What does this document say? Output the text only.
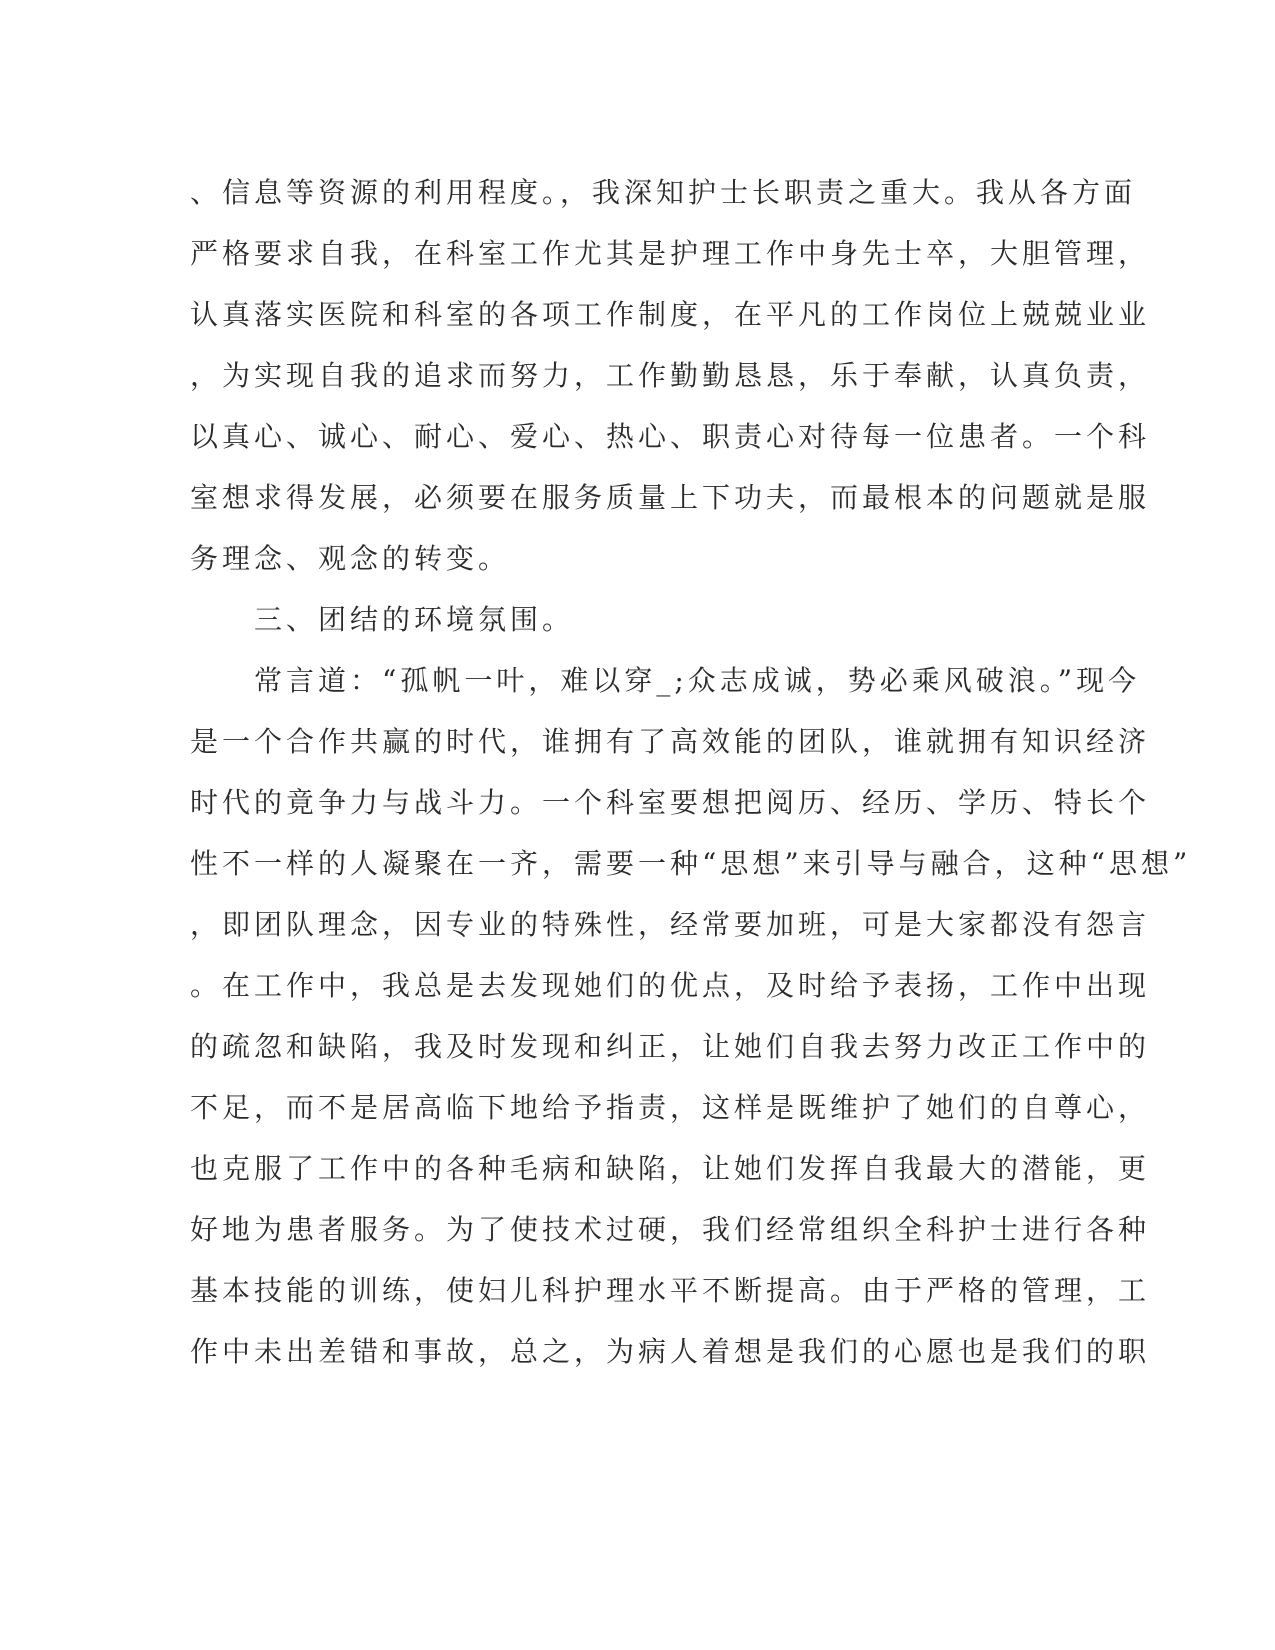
、信息等资源的利用程度。，我深知护士长职责之重大。我从各方面
严格要求自我，在科室工作尤其是护理工作中身先士卒，大胆管理，
认真落实医院和科室的各项工作制度，在平凡的工作岗位上兢兢业业
，为实现自我的追求而努力，工作勤勤恳恳，乐于奉献，认真负责，
以真心、诚心、耐心、爱心、热心、职责心对待每一位患者。一个科
室想求得发展，必须要在服务质量上下功夫，而最根本的问题就是服
务理念、观念的转变。
　　三、团结的环境氛围。
　　常言道：“孤帆一叶，难以穿_;众志成诚，势必乘风破浪。”现今
是一个合作共赢的时代，谁拥有了高效能的团队，谁就拥有知识经济
时代的竟争力与战斗力。一个科室要想把阅历、经历、学历、特长个
性不一样的人凝聚在一齐，需要一种“思想”来引导与融合，这种“思想”
，即团队理念，因专业的特殊性，经常要加班，可是大家都没有怨言
。在工作中，我总是去发现她们的优点，及时给予表扬，工作中出现
的疏忽和缺陷，我及时发现和纠正，让她们自我去努力改正工作中的
不足，而不是居高临下地给予指责，这样是既维护了她们的自尊心，
也克服了工作中的各种毛病和缺陷，让她们发挥自我最大的潜能，更
好地为患者服务。为了使技术过硬，我们经常组织全科护士进行各种
基本技能的训练，使妇儿科护理水平不断提高。由于严格的管理，工
作中未出差错和事故，总之，为病人着想是我们的心愿也是我们的职
